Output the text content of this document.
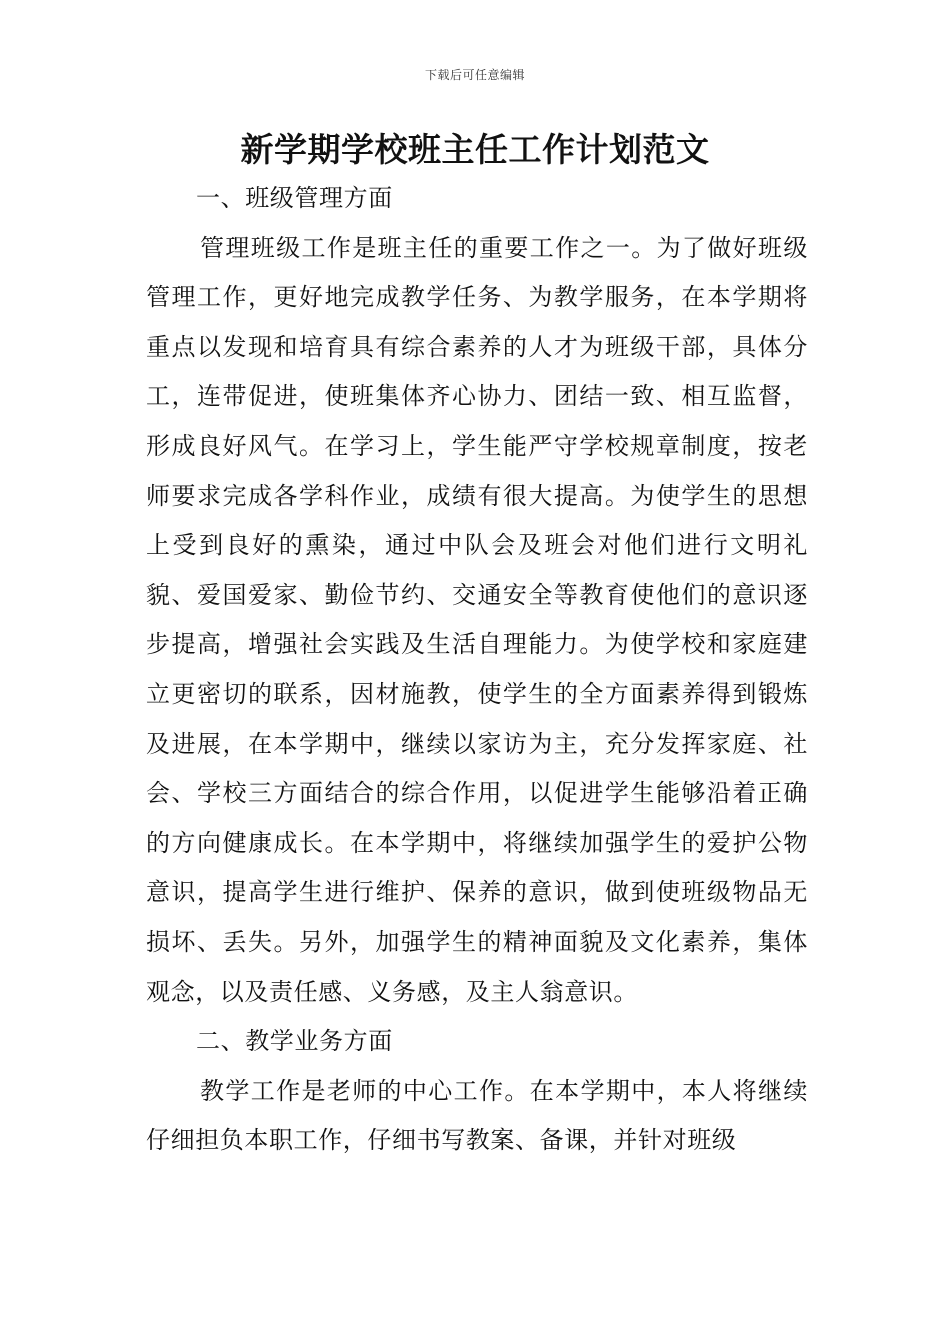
下载后可任意编辑
新学期学校班主任工作计划范文
一、班级管理方面

管理班级工作是班主任的重要工作之一。为了做好班级管理工作，更好地完成教学任务、为教学服务，在本学期将重点以发现和培育具有综合素养的人才为班级干部，具体分工，连带促进，使班集体齐心协力、团结一致、相互监督，形成良好风气。在学习上，学生能严守学校规章制度，按老师要求完成各学科作业，成绩有很大提高。为使学生的思想上受到良好的熏染，通过中队会及班会对他们进行文明礼貌、爱国爱家、勤俭节约、交通安全等教育使他们的意识逐步提高，增强社会实践及生活自理能力。为使学校和家庭建立更密切的联系，因材施教，使学生的全方面素养得到锻炼及进展，在本学期中，继续以家访为主，充分发挥家庭、社会、学校三方面结合的综合作用，以促进学生能够沿着正确的方向健康成长。在本学期中，将继续加强学生的爱护公物意识，提高学生进行维护、保养的意识，做到使班级物品无损坏、丢失。另外，加强学生的精神面貌及文化素养，集体观念，以及责任感、义务感，及主人翁意识。

二、教学业务方面

教学工作是老师的中心工作。在本学期中，本人将继续仔细担负本职工作，仔细书写教案、备课，并针对班级
